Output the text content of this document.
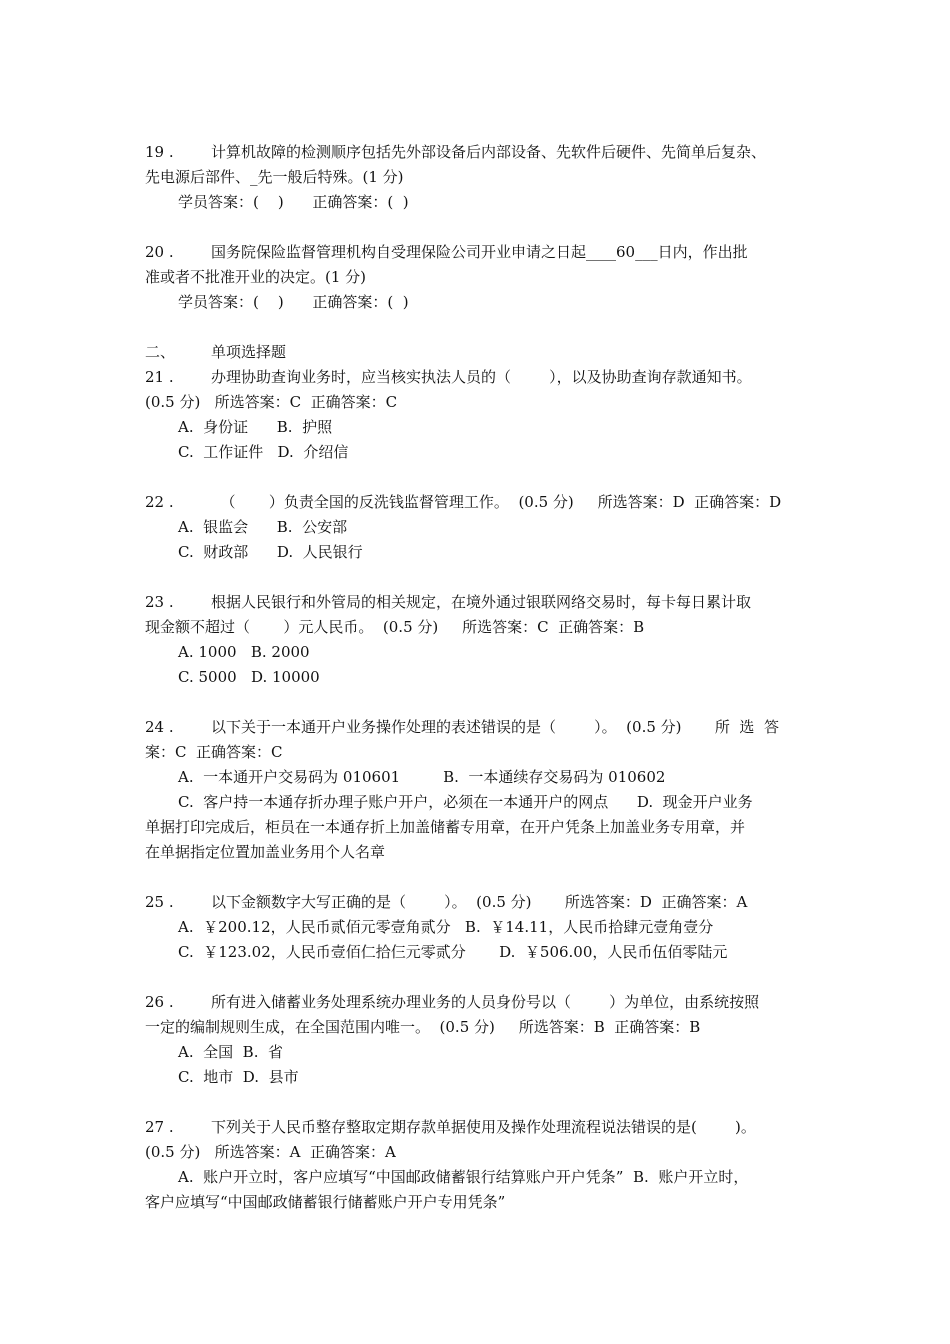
19 . 计算机故障的检测顺序包括先外部设备后内部设备、先软件后硬件、先简单后复杂、
先电源后部件、_先一般后特殊。(1 分)
学员答案：(    )      正确答案：(  )
20 . 国务院保险监督管理机构自受理保险公司开业申请之日起____60___日内，作出批
准或者不批准开业的决定。(1 分)
学员答案：(    )      正确答案：(  )
二、 单项选择题
21 . 办理协助查询业务时，应当核实执法人员的（        ），以及协助查询存款通知书。
(0.5 分)   所选答案：C  正确答案：C
A.  身份证      B.  护照
C.  工作证件   D.  介绍信
22 .  （       ）负责全国的反洗钱监督管理工作。  (0.5 分)     所选答案：D  正确答案：D
A.  银监会      B.  公安部
C.  财政部      D.  人民银行
23 . 根据人民银行和外管局的相关规定，在境外通过银联网络交易时，每卡每日累计取
现金额不超过（       ）元人民币。  (0.5 分)     所选答案：C  正确答案：B
A. 1000   B. 2000
C. 5000   D. 10000
24 . 以下关于一本通开户业务操作处理的表述错误的是（        ）。  (0.5 分)       所  选  答
案：C  正确答案：C
A.  一本通开户交易码为 010601         B.  一本通续存交易码为 010602
C.  客户持一本通存折办理子账户开户，必须在一本通开户的网点      D.  现金开户业务
单据打印完成后，柜员在一本通存折上加盖储蓄专用章，在开户凭条上加盖业务专用章，并
在单据指定位置加盖业务用个人名章
25 . 以下金额数字大写正确的是（        ）。  (0.5 分)       所选答案：D  正确答案：A
A.  ￥200.12，人民币贰佰元零壹角贰分   B.  ￥14.11，人民币拾肆元壹角壹分
C.  ￥123.02，人民币壹佰仁拾仨元零贰分       D.  ￥506.00，人民币伍佰零陆元
26 . 所有进入储蓄业务处理系统办理业务的人员身份号以（        ）为单位，由系统按照
一定的编制规则生成，在全国范围内唯一。  (0.5 分)     所选答案：B  正确答案：B
A.  全国  B.  省
C.  地市  D.  县市
27 . 下列关于人民币整存整取定期存款单据使用及操作处理流程说法错误的是(        )。
(0.5 分)   所选答案：A  正确答案：A
A.  账户开立时，客户应填写“中国邮政储蓄银行结算账户开户凭条”  B.  账户开立时，
客户应填写“中国邮政储蓄银行储蓄账户开户专用凭条”
